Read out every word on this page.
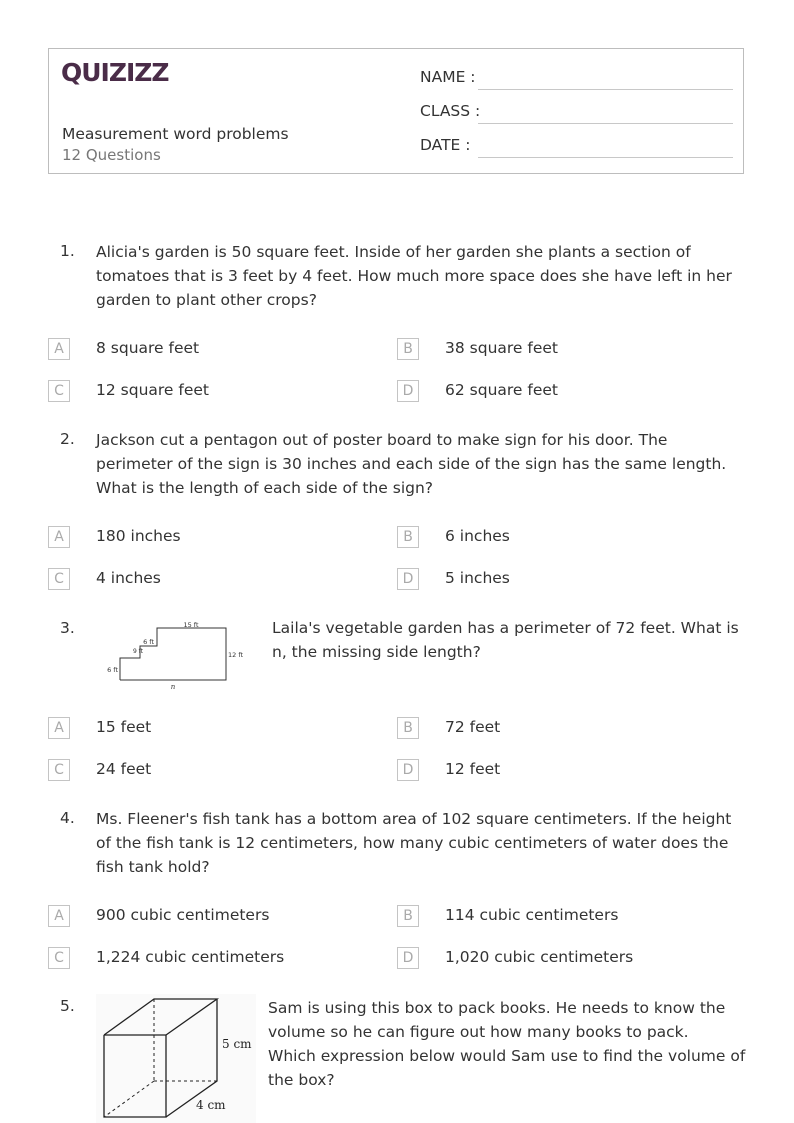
QUIZIZZ
Measurement word problems
12 Questions
NAME :
CLASS :
DATE :
1. Alicia's garden is 50 square feet. Inside of her garden she plants a section of tomatoes that is 3 feet by 4 feet. How much more space does she have left in her garden to plant other crops?
A	8 square feet	B	38 square feet
C	12 square feet	D	62 square feet
2. Jackson cut a pentagon out of poster board to make sign for his door. The perimeter of the sign is 30 inches and each side of the sign has the same length. What is the length of each side of the sign?
A	180 inches	B	6 inches
C	4 inches	D	5 inches
3.	15 ft
6 ft
9 ft
6 ft
12 ft
n
Laila's vegetable garden has a perimeter of 72 feet. What is n, the missing side length?
A	15 feet	B	72 feet
C	24 feet	D	12 feet
4. Ms. Fleener's fish tank has a bottom area of 102 square centimeters. If the height of the fish tank is 12 centimeters, how many cubic centimeters of water does the fish tank hold?
A	900 cubic centimeters	B	114 cubic centimeters
C	1,224 cubic centimeters	D	1,020 cubic centimeters
5.
5 cm
4 cm
Sam is using this box to pack books. He needs to know the
volume so he can figure out how many books to pack.
Which expression below would Sam use to find the volume of
the box?
